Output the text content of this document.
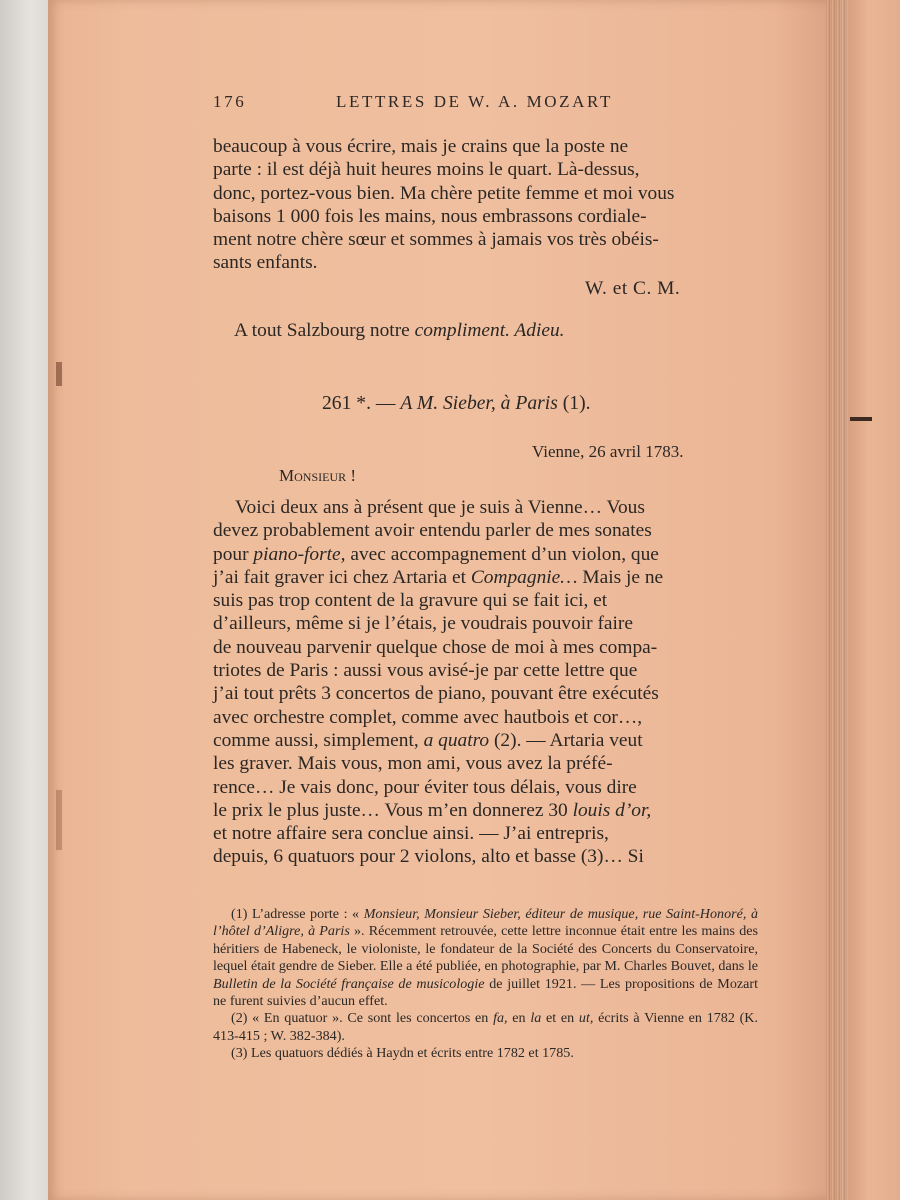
176	LETTRES DE W. A. MOZART
beaucoup à vous écrire, mais je crains que la poste ne
parte : il est déjà huit heures moins le quart. Là-dessus,
donc, portez-vous bien. Ma chère petite femme et moi vous
baisons 1 000 fois les mains, nous embrassons cordiale-
ment notre chère sœur et sommes à jamais vos très obéis-
sants enfants.
W. et C. M.
A tout Salzbourg notre compliment. Adieu.
261 *. — A M. Sieber, à Paris (1).
Vienne, 26 avril 1783.
Monsieur !
Voici deux ans à présent que je suis à Vienne… Vous
devez probablement avoir entendu parler de mes sonates
pour piano-forte, avec accompagnement d’un violon, que
j’ai fait graver ici chez Artaria et Compagnie… Mais je ne
suis pas trop content de la gravure qui se fait ici, et
d’ailleurs, même si je l’étais, je voudrais pouvoir faire
de nouveau parvenir quelque chose de moi à mes compa-
triotes de Paris : aussi vous avisé-je par cette lettre que
j’ai tout prêts 3 concertos de piano, pouvant être exécutés
avec orchestre complet, comme avec hautbois et cor…,
comme aussi, simplement, a quatro (2). — Artaria veut
les graver. Mais vous, mon ami, vous avez la préfé-
rence… Je vais donc, pour éviter tous délais, vous dire
le prix le plus juste… Vous m’en donnerez 30 louis d’or,
et notre affaire sera conclue ainsi. — J’ai entrepris,
depuis, 6 quatuors pour 2 violons, alto et basse (3)… Si

(1) L’adresse porte : « Monsieur, Monsieur Sieber, éditeur de musique, rue Saint-Honoré, à l’hôtel d’Aligre, à Paris ». Récemment retrouvée, cette lettre inconnue était entre les mains des héritiers de Habeneck, le violoniste, le fondateur de la Société des Concerts du Conservatoire, lequel était gendre de Sieber. Elle a été publiée, en photographie, par M. Charles Bouvet, dans le Bulletin de la Société française de musicologie de juillet 1921. — Les propositions de Mozart ne furent suivies d’aucun effet.

(2) « En quatuor ». Ce sont les concertos en fa, en la et en ut, écrits à Vienne en 1782 (K. 413-415 ; W. 382-384).

(3) Les quatuors dédiés à Haydn et écrits entre 1782 et 1785.
